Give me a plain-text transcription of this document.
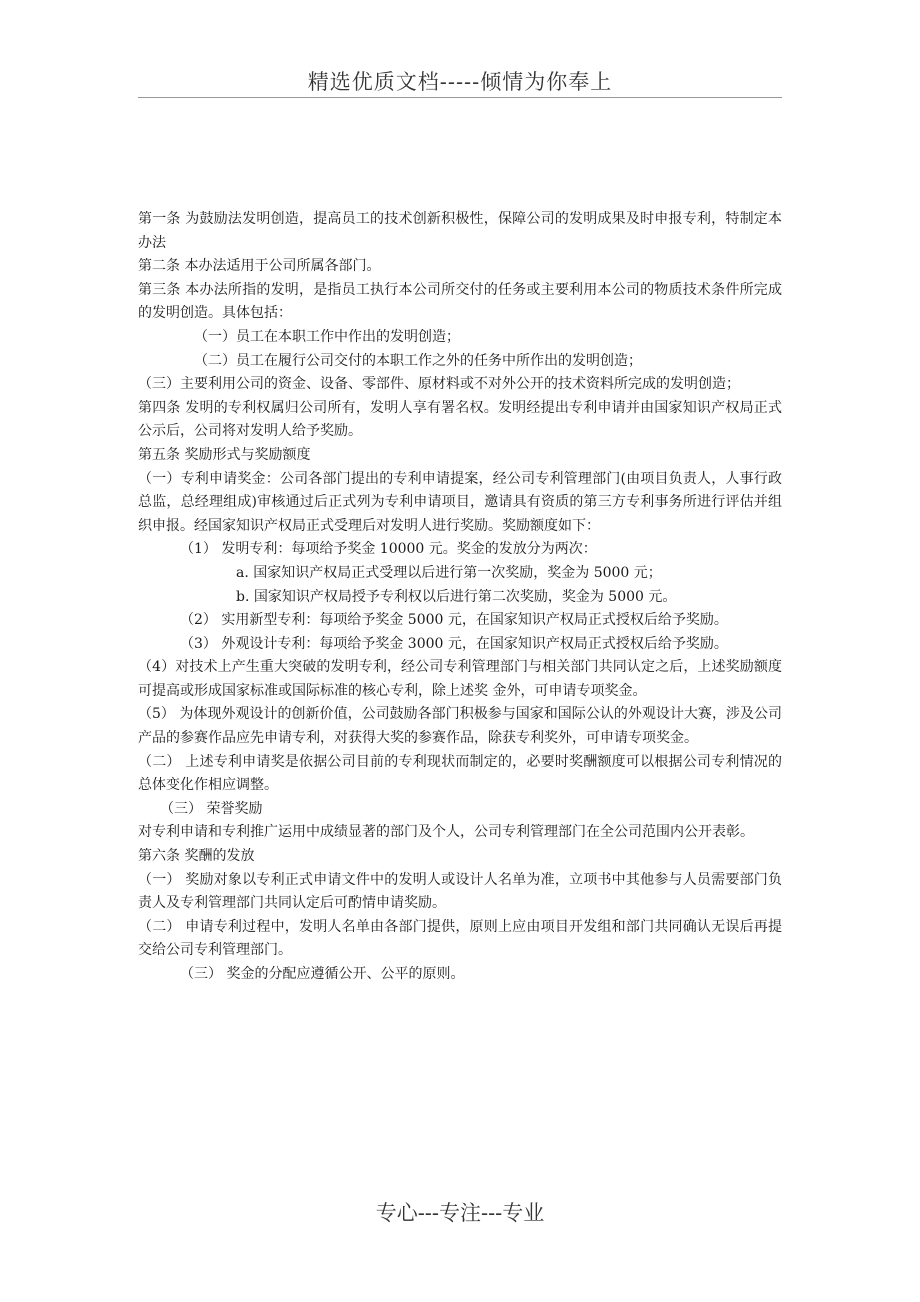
精选优质文档-----倾情为你奉上

第一条 为鼓励法发明创造，提高员工的技术创新积极性，保障公司的发明成果及时申报专利，特制定本办法

第二条 本办法适用于公司所属各部门。

第三条 本办法所指的发明，是指员工执行本公司所交付的任务或主要利用本公司的物质技术条件所完成的发明创造。具体包括：

（一）员工在本职工作中作出的发明创造；

（二）员工在履行公司交付的本职工作之外的任务中所作出的发明创造；

（三）主要利用公司的资金、设备、零部件、原材料或不对外公开的技术资料所完成的发明创造；

第四条 发明的专利权属归公司所有，发明人享有署名权。发明经提出专利申请并由国家知识产权局正式公示后，公司将对发明人给予奖励。

第五条 奖励形式与奖励额度

（一）专利申请奖金：公司各部门提出的专利申请提案，经公司专利管理部门(由项目负责人，人事行政总监，总经理组成)审核通过后正式列为专利申请项目，邀请具有资质的第三方专利事务所进行评估并组织申报。经国家知识产权局正式受理后对发明人进行奖励。奖励额度如下：

（1） 发明专利：每项给予奖金 10000 元。奖金的发放分为两次：

a. 国家知识产权局正式受理以后进行第一次奖励，奖金为 5000 元；

b. 国家知识产权局授予专利权以后进行第二次奖励，奖金为 5000 元。

（2） 实用新型专利：每项给予奖金 5000 元，在国家知识产权局正式授权后给予奖励。

（3） 外观设计专利：每项给予奖金 3000 元，在国家知识产权局正式授权后给予奖励。

（4）对技术上产生重大突破的发明专利，经公司专利管理部门与相关部门共同认定之后，上述奖励额度可提高或形成国家标准或国际标准的核心专利，除上述奖 金外，可申请专项奖金。

（5） 为体现外观设计的创新价值，公司鼓励各部门积极参与国家和国际公认的外观设计大赛，涉及公司产品的参赛作品应先申请专利，对获得大奖的参赛作品，除获专利奖外，可申请专项奖金。

（二） 上述专利申请奖是依据公司目前的专利现状而制定的，必要时奖酬额度可以根据公司专利情况的总体变化作相应调整。

（三） 荣誉奖励

对专利申请和专利推广运用中成绩显著的部门及个人，公司专利管理部门在全公司范围内公开表彰。

第六条 奖酬的发放

（一） 奖励对象以专利正式申请文件中的发明人或设计人名单为准，立项书中其他参与人员需要部门负责人及专利管理部门共同认定后可酌情申请奖励。

（二） 申请专利过程中，发明人名单由各部门提供，原则上应由项目开发组和部门共同确认无误后再提交给公司专利管理部门。

（三） 奖金的分配应遵循公开、公平的原则。

专心---专注---专业
